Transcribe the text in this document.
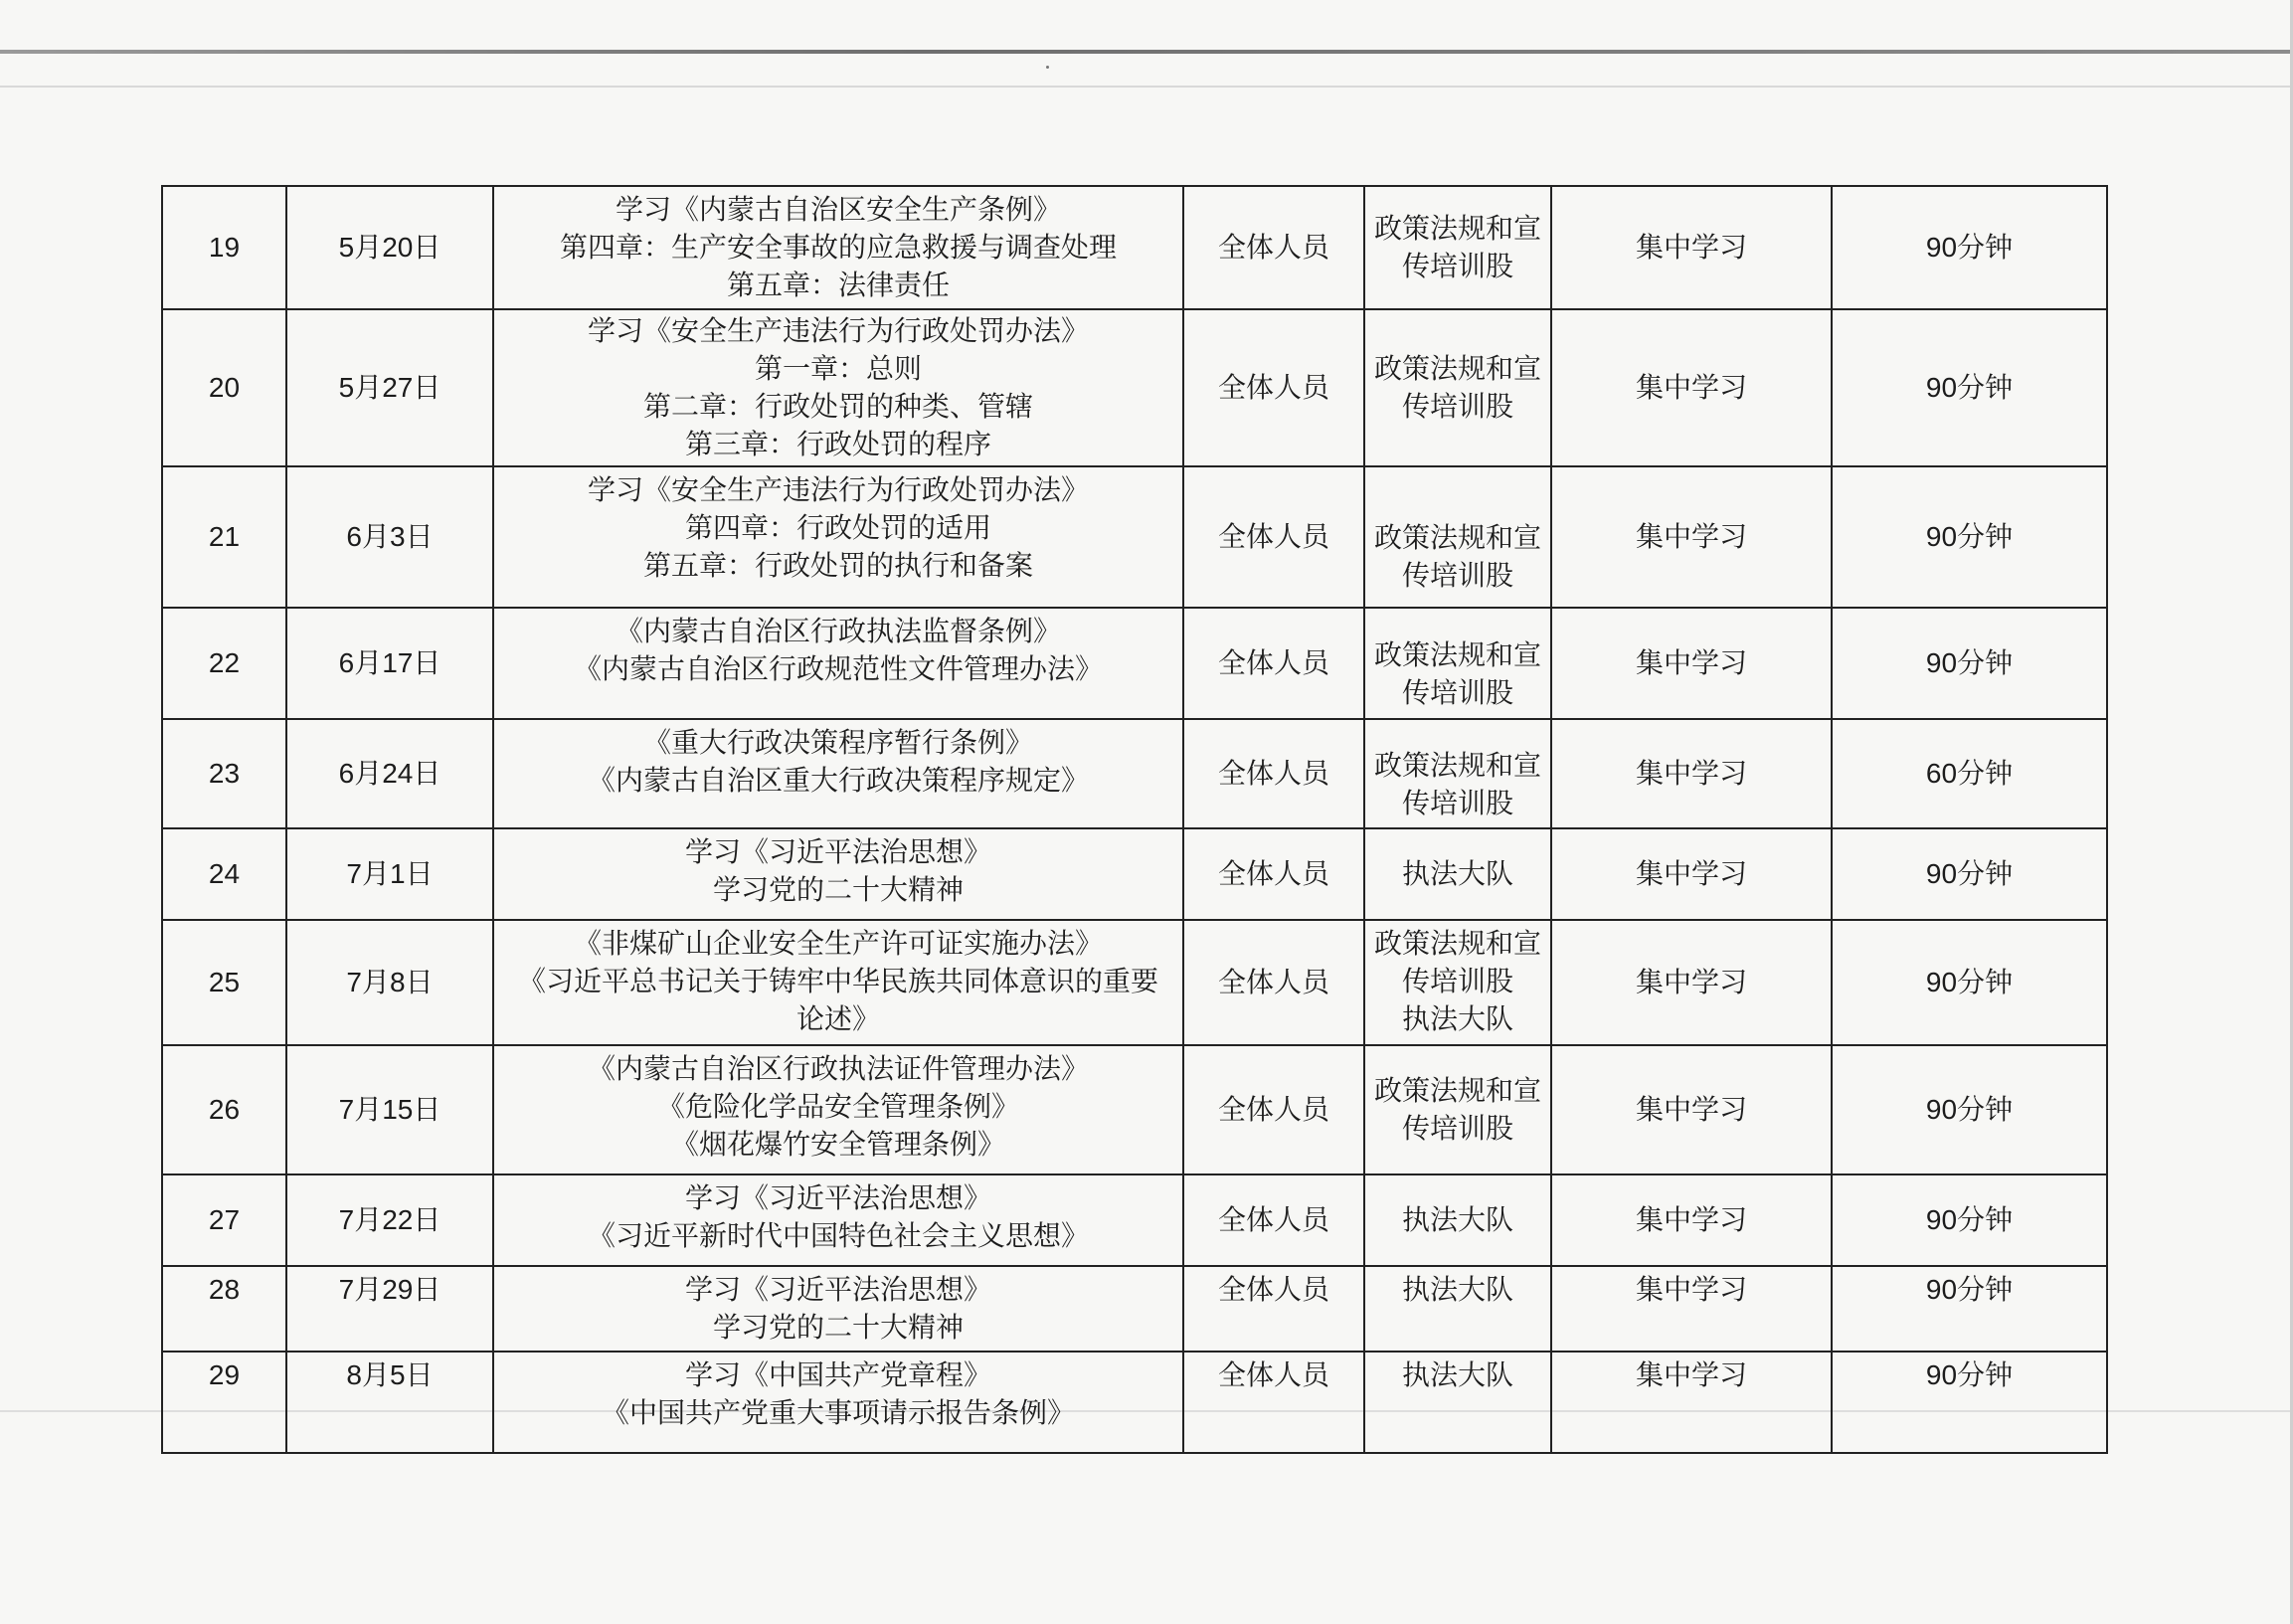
19	5月20日	学习《内蒙古自治区安全生产条例》
第四章：生产安全事故的应急救援与调查处理
第五章：法律责任	全体人员	政策法规和宣
传培训股	集中学习	90分钟
20	5月27日	学习《安全生产违法行为行政处罚办法》
第一章：总则
第二章：行政处罚的种类、管辖
第三章：行政处罚的程序	全体人员	政策法规和宣
传培训股	集中学习	90分钟
21	6月3日	学习《安全生产违法行为行政处罚办法》
第四章：行政处罚的适用
第五章：行政处罚的执行和备案	全体人员	政策法规和宣
传培训股	集中学习	90分钟
22	6月17日	《内蒙古自治区行政执法监督条例》
《内蒙古自治区行政规范性文件管理办法》	全体人员	政策法规和宣
传培训股	集中学习	90分钟
23	6月24日	《重大行政决策程序暂行条例》
《内蒙古自治区重大行政决策程序规定》	全体人员	政策法规和宣
传培训股	集中学习	60分钟
24	7月1日	学习《习近平法治思想》
学习党的二十大精神	全体人员	执法大队	集中学习	90分钟
25	7月8日	《非煤矿山企业安全生产许可证实施办法》
《习近平总书记关于铸牢中华民族共同体意识的重要
论述》	全体人员	政策法规和宣
传培训股
执法大队	集中学习	90分钟
26	7月15日	《内蒙古自治区行政执法证件管理办法》
《危险化学品安全管理条例》
《烟花爆竹安全管理条例》	全体人员	政策法规和宣
传培训股	集中学习	90分钟
27	7月22日	学习《习近平法治思想》
《习近平新时代中国特色社会主义思想》	全体人员	执法大队	集中学习	90分钟
28	7月29日	学习《习近平法治思想》
学习党的二十大精神	全体人员	执法大队	集中学习	90分钟
29	8月5日	学习《中国共产党章程》
《中国共产党重大事项请示报告条例》	全体人员	执法大队	集中学习	90分钟
